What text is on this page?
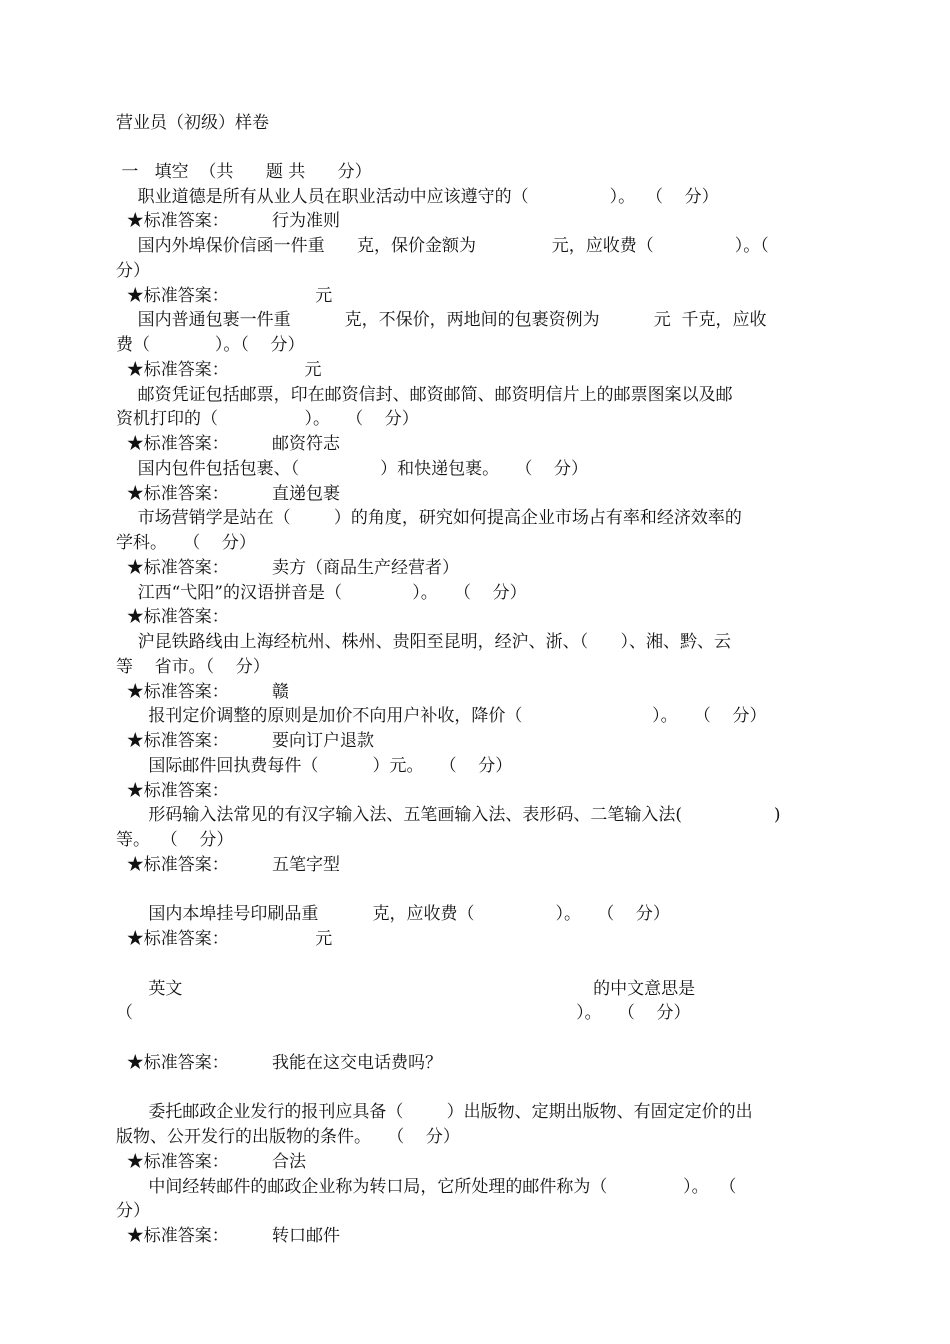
营业员（初级）样卷
一   填空  （共      题 共      分）
职业道德是所有从业人员在职业活动中应该遵守的（               ）。  （    分）
★标准答案：        行为准则
国内外埠保价信函一件重      克，保价金额为              元，应收费（               ）。（
分）
★标准答案：                元
国内普通包裹一件重          克，不保价，两地间的包裹资例为          元  千克，应收
费（            ）。（    分）
★标准答案：              元
邮资凭证包括邮票，印在邮资信封、邮资邮简、邮资明信片上的邮票图案以及邮
资机打印的（                ）。   （    分）
★标准答案：        邮资符志
国内包件包括包裹、（               ）和快递包裹。   （    分）
★标准答案：        直递包裹
市场营销学是站在（        ）的角度，研究如何提高企业市场占有率和经济效率的
学科。   （    分）
★标准答案：        卖方（商品生产经营者）
江西“弋阳”的汉语拼音是（             ）。   （    分）
★标准答案：
沪昆铁路线由上海经杭州、株州、贵阳至昆明，经沪、浙、（      ）、湘、黔、云
等    省市。（    分）
★标准答案：        赣
报刊定价调整的原则是加价不向用户补收，降价（                        ）。   （    分）
★标准答案：        要向订户退款
国际邮件回执费每件（          ）元。   （    分）
★标准答案：
形码输入法常见的有汉字输入法、五笔画输入法、表形码、二笔输入法(                 )
等。  （    分）
★标准答案：        五笔字型
国内本埠挂号印刷品重          克，应收费（               ）。   （    分）
★标准答案：                元
英文                                                                            的中文意思是
（                                                                                  ）。   （    分）
★标准答案：        我能在这交电话费吗？
委托邮政企业发行的报刊应具备（        ）出版物、定期出版物、有固定定价的出
版物、公开发行的出版物的条件。   （    分）
★标准答案：        合法
中间经转邮件的邮政企业称为转口局，它所处理的邮件称为（              ）。  （
分）
★标准答案：        转口邮件
